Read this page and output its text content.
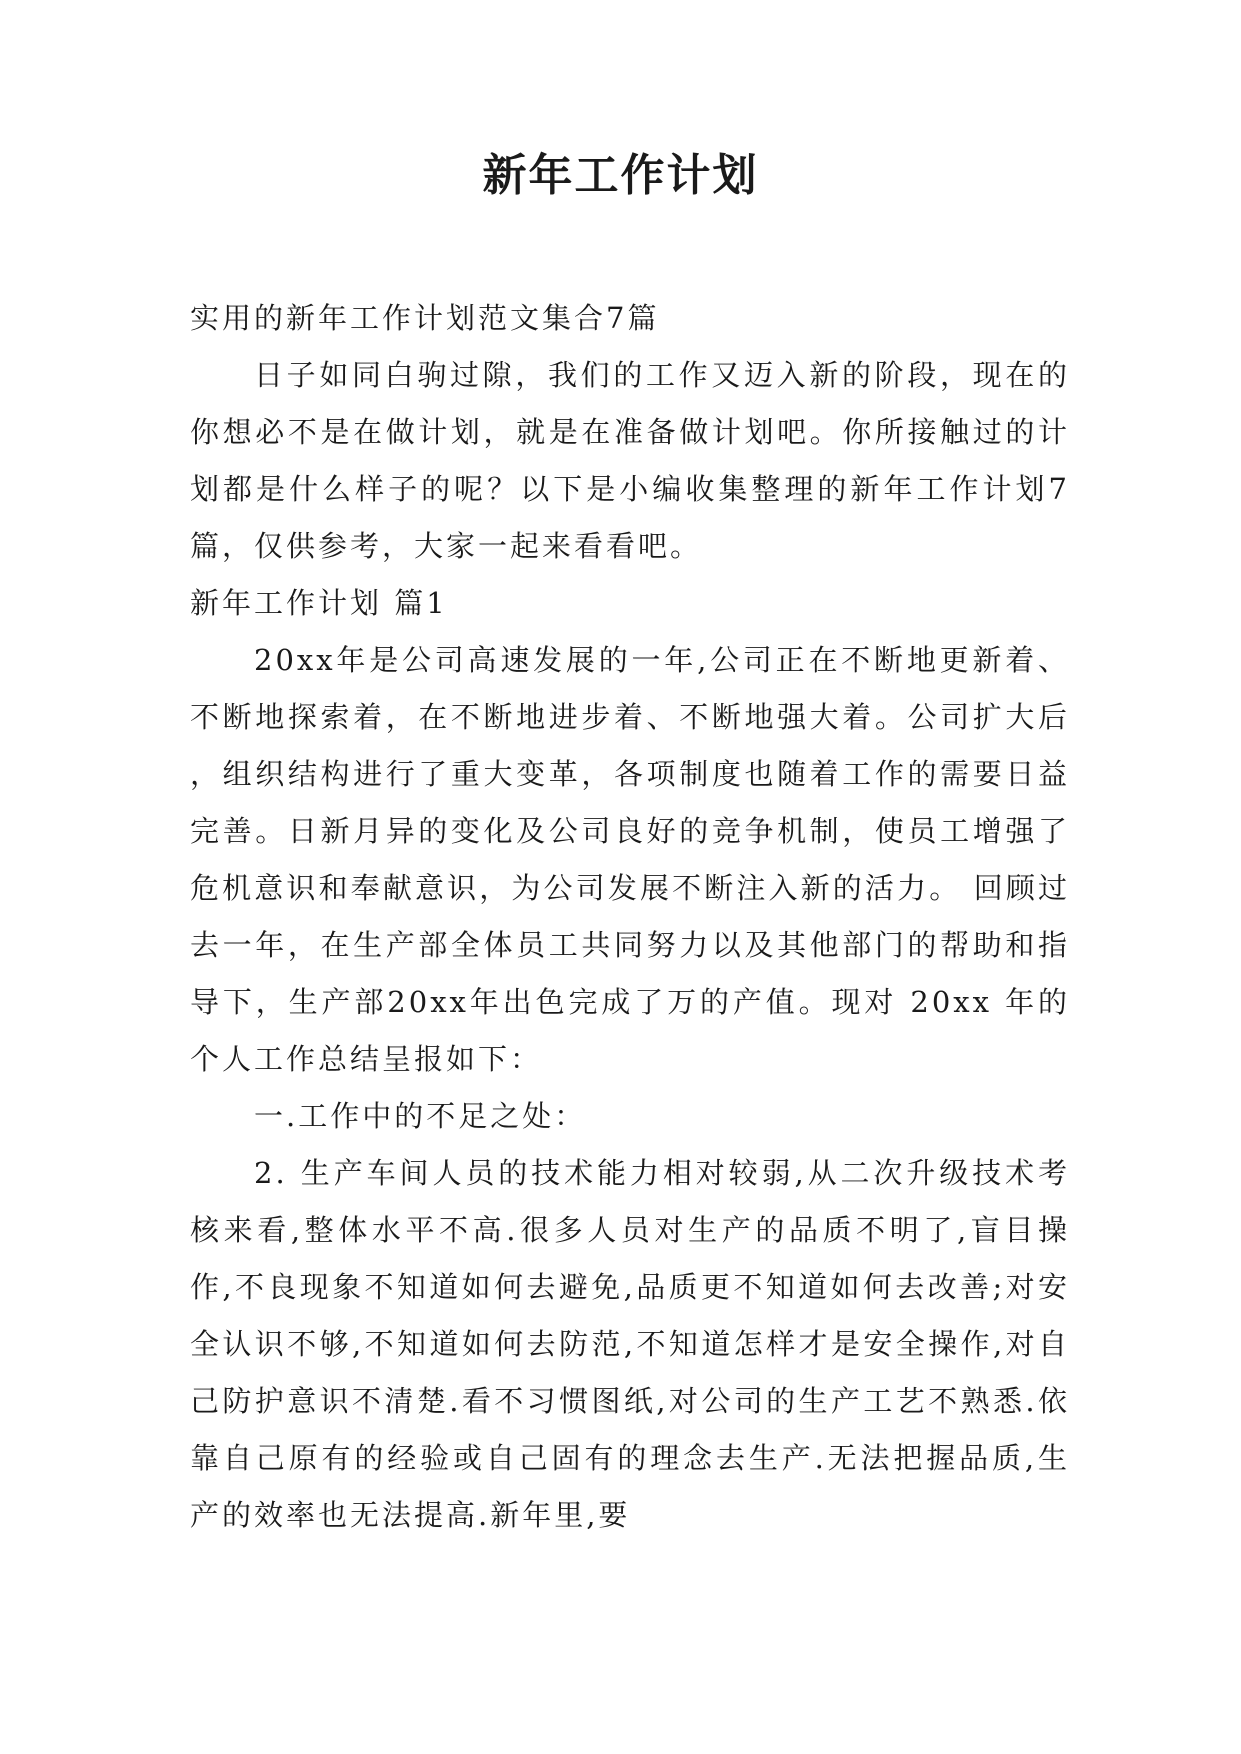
新年工作计划

实用的新年工作计划范文集合7篇

日子如同白驹过隙，我们的工作又迈入新的阶段，现在的你想必不是在做计划，就是在准备做计划吧。你所接触过的计划都是什么样子的呢？以下是小编收集整理的新年工作计划7篇，仅供参考，大家一起来看看吧。

新年工作计划 篇1

20xx年是公司高速发展的一年,公司正在不断地更新着、不断地探索着，在不断地进步着、不断地强大着。公司扩大后 ，组织结构进行了重大变革，各项制度也随着工作的需要日益完善。日新月异的变化及公司良好的竞争机制，使员工增强了危机意识和奉献意识，为公司发展不断注入新的活力。 回顾过去一年，在生产部全体员工共同努力以及其他部门的帮助和指导下，生产部20xx年出色完成了万的产值。现对 20xx 年的个人工作总结呈报如下：

一.工作中的不足之处：

2. 生产车间人员的技术能力相对较弱,从二次升级技术考核来看,整体水平不高.很多人员对生产的品质不明了,盲目操作,不良现象不知道如何去避免,品质更不知道如何去改善;对安全认识不够,不知道如何去防范,不知道怎样才是安全操作,对自己防护意识不清楚.看不习惯图纸,对公司的生产工艺不熟悉.依靠自己原有的经验或自己固有的理念去生产.无法把握品质,生产的效率也无法提高.新年里,要
